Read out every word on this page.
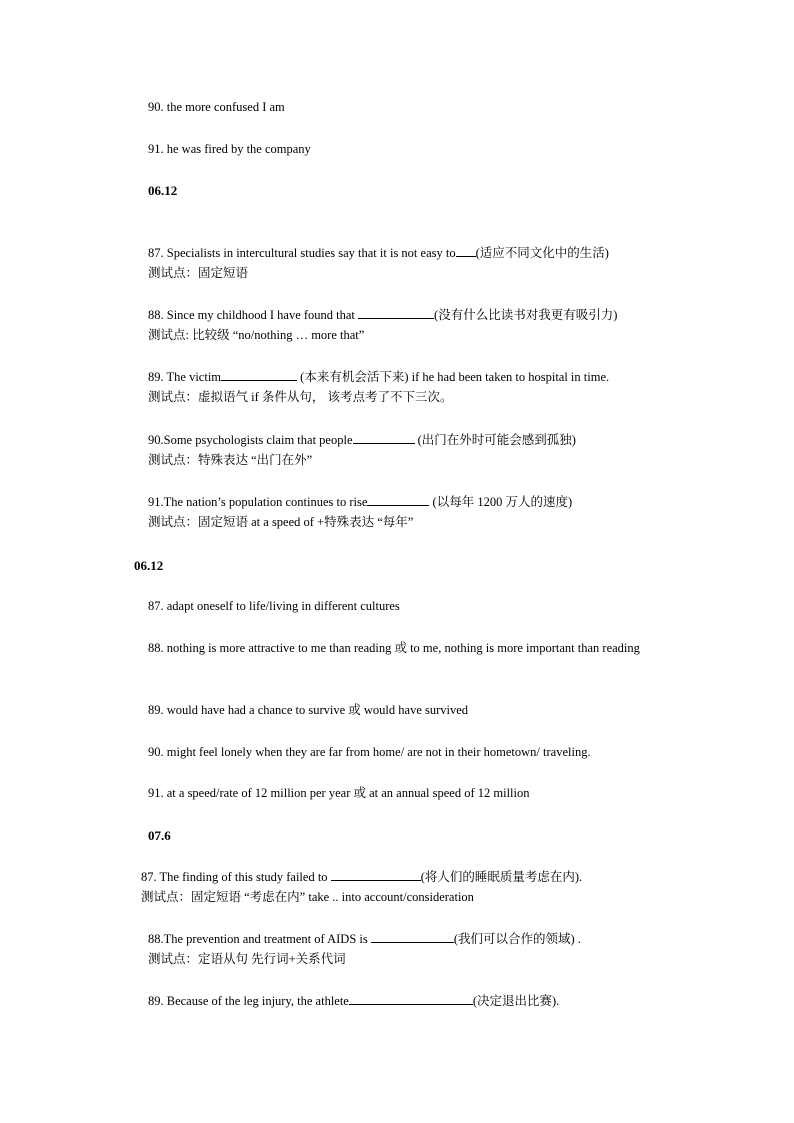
90. the more confused I am
91. he was fired by the company
06.12
87. Specialists in intercultural studies say that it is not easy to (适应不同文化中的生活)
测试点：固定短语
88. Since my childhood I have found that	(没有什么比读书对我更有吸引力)
测试点: 比较级 “no/nothing … more that”
89. The victim	(本来有机会活下来) if he had been taken to hospital in time.
测试点：虚拟语气 if 条件从句， 该考点考了不下三次。
90.Some psychologists claim that people	(出门在外时可能会感到孤独)
测试点：特殊表达 “出门在外”
91.The nation’s population continues to rise	(以每年 1200 万人的速度)
测试点：固定短语 at a speed of +特殊表达 “每年”
06.12
87. adapt oneself to life/living in different cultures
88. nothing is more attractive to me than reading 或 to me, nothing is more important than reading
89. would have had a chance to survive 或 would have survived
90. might feel lonely when they are far from home/ are not in their hometown/ traveling.
91. at a speed/rate of 12 million per year 或 at an annual speed of 12 million
07.6
87. The finding of this study failed to	(将人们的睡眠质量考虑在内).
测试点：固定短语 “考虑在内” take .. into account/consideration
88.The prevention and treatment of AIDS is	(我们可以合作的领域) .
测试点：定语从句 先行词+关系代词
89. Because of the leg injury, the athlete	(决定退出比赛).
